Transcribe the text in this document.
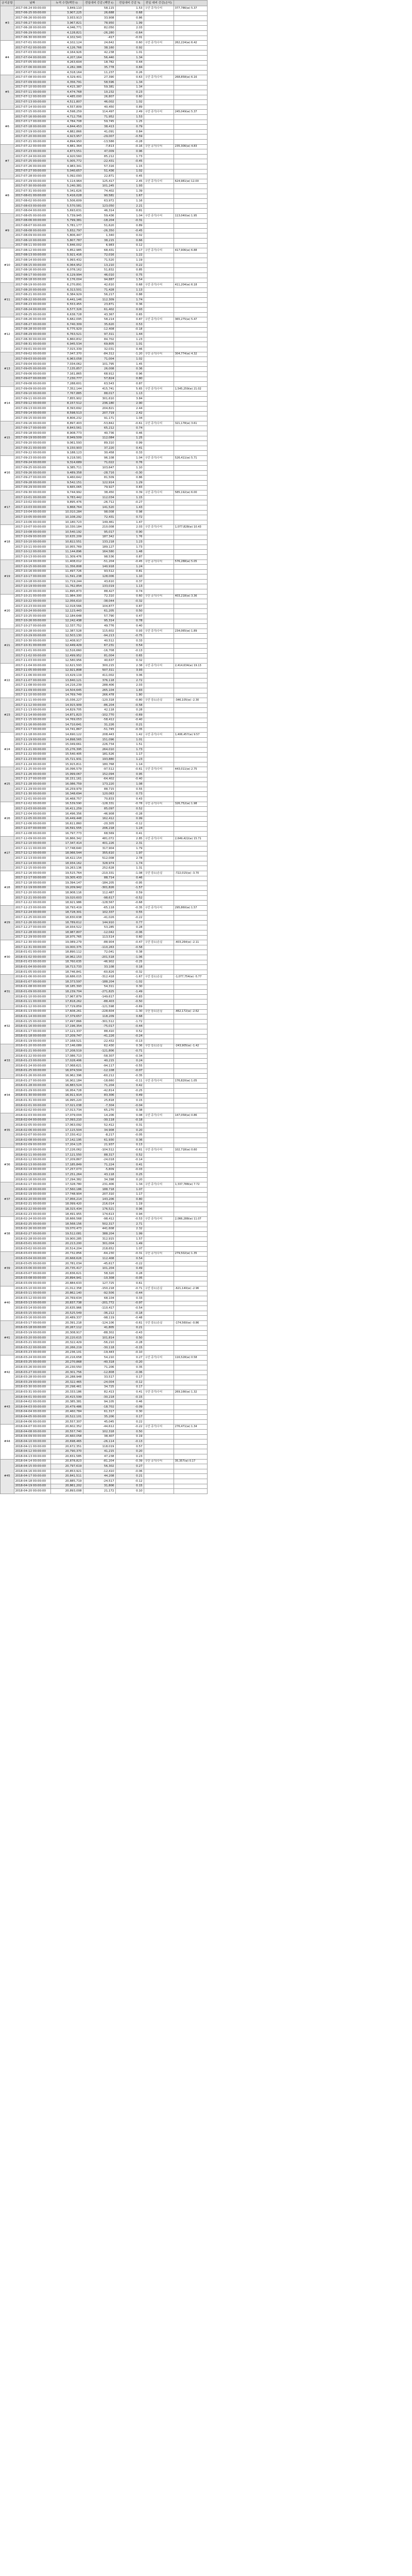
금지분할	날짜	누적 수량(백만 t)	전일대비 증감 (백만 t)	전일대비 증감 %	전일 대비 증감(손익)	
#3	2017-06-24 00:00:00	3,849,110	58,115	1.53	구간 증가/수익	377,786(w) 5.37
	2017-06-25 00:00:00	3,907,225	26,688	0.68		
	2017-06-26 00:00:00	3,933,913	33,908	0.86		
	2017-06-27 00:00:00	3,967,821	78,950	1.99		
	2017-06-28 00:00:00	4,046,771	82,050	2.03		
	2017-06-29 00:00:00	4,128,821	-26,280	-0.64		
	2017-06-30 00:00:00	4,102,541	-417	-0.01		
#4	2017-07-01 00:00:00	4,102,124	24,642	0.60	구간 증가/수익	262,224(w) 6.42
	2017-07-02 00:00:00	4,126,766	38,160	0.92		
	2017-07-03 00:00:00	4,164,926	42,238	1.01		
	2017-07-04 00:00:00	4,207,164	56,440	1.34		
	2017-07-05 00:00:00	4,263,604	18,782	0.44		
	2017-07-06 00:00:00	4,282,386	35,778	0.84		
	2017-07-07 00:00:00	4,318,164	11,237	0.26		
#5	2017-07-08 00:00:00	4,329,401	27,390	0.63	구간 증가/수익	268,858(w) 6.16
	2017-07-09 00:00:00	4,356,791	58,596	1.34		
	2017-07-10 00:00:00	4,415,387	59,381	1.34		
	2017-07-11 00:00:00	4,474,768	10,232	0.23		
	2017-07-12 00:00:00	4,485,000	26,807	0.60		
	2017-07-13 00:00:00	4,511,807	46,002	1.02		
	2017-07-14 00:00:00	4,557,809	40,450	0.89		
#6	2017-07-15 00:00:00	4,598,259	114,497	2.49	구간 증가/수익	245,049(w) 5.37
	2017-07-16 00:00:00	4,712,756	71,952	1.53		
	2017-07-17 00:00:00	4,784,708	59,745	1.25		
	2017-07-18 00:00:00	4,844,453	38,413	0.79		
	2017-07-19 00:00:00	4,882,866	41,091	0.84		
	2017-07-20 00:00:00	4,923,957	-29,007	-0.59		
	2017-07-21 00:00:00	4,894,950	-13,586	-0.28		
#7	2017-07-22 00:00:00	4,881,364	-7,813	-0.16	구간 증가/수익	235,306(w) 4.83
	2017-07-23 00:00:00	4,873,551	47,009	0.96		
	2017-07-24 00:00:00	4,920,560	85,212	1.73		
	2017-07-25 00:00:00	5,005,772	-22,431	-0.45		
	2017-07-26 00:00:00	4,983,341	57,316	1.15		
	2017-07-27 00:00:00	5,040,657	51,436	1.02		
	2017-07-28 00:00:00	5,092,093	22,871	0.45		
#8	2017-07-29 00:00:00	5,114,964	125,417	2.45	구간 증가/수익	624,981(w) 12.00
	2017-07-30 00:00:00	5,240,381	101,245	1.93		
	2017-07-31 00:00:00	5,341,626	74,402	1.39		
	2017-08-01 00:00:00	5,416,028	90,581	1.67		
	2017-08-02 00:00:00	5,506,609	63,972	1.16		
	2017-08-03 00:00:00	5,570,581	123,050	2.21		
	2017-08-04 00:00:00	5,693,631	46,314	0.81		
#9	2017-08-05 00:00:00	5,739,945	59,436	1.04	구간 증가/수익	113,040(w) 1.95
	2017-08-06 00:00:00	5,799,381	-18,204	-0.31		
	2017-08-07 00:00:00	5,781,177	51,620	0.89		
	2017-08-08 00:00:00	5,832,797	-26,350	-0.45		
	2017-08-09 00:00:00	5,806,447	1,340	0.02		
	2017-08-10 00:00:00	5,807,787	38,215	0.66		
	2017-08-11 00:00:00	5,846,002	6,983	0.12		
#10	2017-08-12 00:00:00	5,852,985	68,431	1.17	구간 증가/수익	417,906(w) 6.88
	2017-08-13 00:00:00	5,921,416	72,016	1.22		
	2017-08-14 00:00:00	5,993,432	71,520	1.19		
	2017-08-15 00:00:00	6,064,952	13,210	0.22		
	2017-08-16 00:00:00	6,078,162	51,832	0.85		
	2017-08-17 00:00:00	6,129,994	46,010	0.75		
	2017-08-18 00:00:00	6,176,004	94,887	1.54		
#11	2017-08-19 00:00:00	6,270,891	42,610	0.68	구간 증가/수익	411,204(w) 6.18
	2017-08-20 00:00:00	6,313,501	71,428	1.13		
	2017-08-21 00:00:00	6,384,929	56,217	0.88		
	2017-08-22 00:00:00	6,441,146	112,309	1.74		
	2017-08-23 00:00:00	6,553,455	23,871	0.36		
	2017-08-24 00:00:00	6,577,326	61,402	0.93		
	2017-08-25 00:00:00	6,638,728	43,367	0.65		
#12	2017-08-26 00:00:00	6,682,095	58,214	0.87	구간 증가/수익	365,275(w) 5.47
	2017-08-27 00:00:00	6,740,309	35,620	0.53		
	2017-08-28 00:00:00	6,775,929	-12,408	-0.18		
	2017-08-29 00:00:00	6,763,521	97,311	1.44		
	2017-08-30 00:00:00	6,860,832	84,702	1.23		
	2017-08-31 00:00:00	6,945,534	69,805	1.01		
	2017-09-01 00:00:00	7,015,339	32,031	0.46		
#13	2017-09-02 00:00:00	7,047,370	-84,312	-1.20	구간 증가/수익	304,774(w) 4.32
	2017-09-03 00:00:00	6,963,058	71,004	1.02		
	2017-09-04 00:00:00	7,034,062	101,795	1.45		
	2017-09-05 00:00:00	7,135,857	26,008	0.36		
	2017-09-06 00:00:00	7,161,865	68,912	0.96		
	2017-09-07 00:00:00	7,230,777	57,824	0.80		
	2017-09-08 00:00:00	7,288,601	63,543	0.87		
#14	2017-09-09 00:00:00	7,352,144	415,741	5.65	구간 증가/수익	1,545,259(w) 21.02
	2017-09-10 00:00:00	7,767,885	88,017	1.13		
	2017-09-11 00:00:00	7,855,902	301,610	3.84		
	2017-09-12 00:00:00	8,157,512	236,180	2.90		
	2017-09-13 00:00:00	8,393,692	204,821	2.44		
	2017-09-14 00:00:00	8,598,513	207,719	2.42		
	2017-09-15 00:00:00	8,806,232	91,171	1.04		
#15	2017-09-16 00:00:00	8,897,403	-53,842	-0.61	구간 증가/수익	321,178(w) 3.61
	2017-09-17 00:00:00	8,843,561	65,212	0.74		
	2017-09-18 00:00:00	8,908,773	40,736	0.46		
	2017-09-19 00:00:00	8,949,509	112,084	1.25		
	2017-09-20 00:00:00	9,061,593	89,310	0.99		
	2017-09-21 00:00:00	9,150,903	37,220	0.41		
	2017-09-22 00:00:00	9,188,123	30,458	0.33		
#16	2017-09-23 00:00:00	9,218,581	96,108	1.04	구간 증가/수익	526,411(w) 5.71
	2017-09-24 00:00:00	9,314,689	71,022	0.76		
	2017-09-25 00:00:00	9,385,711	103,647	1.10		
	2017-09-26 00:00:00	9,489,358	-28,716	-0.30		
	2017-09-27 00:00:00	9,460,642	81,509	0.86		
	2017-09-28 00:00:00	9,542,151	122,914	1.29		
	2017-09-29 00:00:00	9,665,065	79,927	0.83		
#17	2017-09-30 00:00:00	9,744,992	38,450	0.39	구간 증가/수익	585,192(w) 6.00
	2017-10-01 00:00:00	9,783,442	112,034	1.15		
	2017-10-02 00:00:00	9,895,476	-26,712	-0.27		
	2017-10-03 00:00:00	9,868,764	141,520	1.43		
	2017-10-04 00:00:00	10,010,284	98,008	0.98		
	2017-10-05 00:00:00	10,108,292	72,431	0.72		
	2017-10-06 00:00:00	10,180,723	149,461	1.47		
#18	2017-10-07 00:00:00	10,330,184	210,008	2.03	구간 증가/수익	1,077,828(w) 10.43
	2017-10-08 00:00:00	10,540,192	95,017	0.90		
	2017-10-09 00:00:00	10,635,209	187,342	1.76		
	2017-10-10 00:00:00	10,822,551	133,218	1.23		
	2017-10-11 00:00:00	10,955,769	189,127	1.73		
	2017-10-12 00:00:00	11,144,896	164,580	1.48		
	2017-10-13 00:00:00	11,309,476	98,536	0.87		
#19	2017-10-14 00:00:00	11,408,012	-51,204	-0.45	구간 증가/수익	576,288(w) 5.05
	2017-10-15 00:00:00	11,356,808	140,918	1.24		
	2017-10-16 00:00:00	11,497,726	93,512	0.81		
	2017-10-17 00:00:00	11,591,238	128,006	1.10		
	2017-10-18 00:00:00	11,719,244	43,610	0.37		
	2017-10-19 00:00:00	11,762,854	133,019	1.13		
	2017-10-20 00:00:00	11,895,873	88,427	0.74		
#20	2017-10-21 00:00:00	11,984,300	72,310	0.60	구간 증가/수익	403,218(w) 3.36
	2017-10-22 00:00:00	12,056,610	-38,044	-0.32		
	2017-10-23 00:00:00	12,018,566	104,877	0.87		
	2017-10-24 00:00:00	12,123,443	61,205	0.50		
	2017-10-25 00:00:00	12,184,648	57,790	0.47		
	2017-10-26 00:00:00	12,242,438	95,314	0.78		
	2017-10-27 00:00:00	12,337,752	49,776	0.40		
#21	2017-10-28 00:00:00	12,387,528	115,602	0.93	구간 증가/수익	234,065(w) 1.89
	2017-10-29 00:00:00	12,503,130	-94,213	-0.75		
	2017-10-30 00:00:00	12,408,917	40,512	0.33		
	2017-10-31 00:00:00	12,449,429	67,231	0.54		
	2017-11-01 00:00:00	12,516,660	-16,708	-0.13		
	2017-11-02 00:00:00	12,499,952	81,004	0.65		
	2017-11-03 00:00:00	12,580,956	40,637	0.32		
#22	2017-11-04 00:00:00	12,621,593	300,215	2.38	구간 증가/수익	2,414,634(w) 19.13
	2017-11-05 00:00:00	12,921,808	507,311	3.93		
	2017-11-06 00:00:00	13,429,119	411,002	3.06		
	2017-11-07 00:00:00	13,840,121	376,118	2.72		
	2017-11-08 00:00:00	14,216,239	288,406	2.03		
	2017-11-09 00:00:00	14,504,645	265,104	1.83		
	2017-11-10 00:00:00	14,769,749	266,478	1.80		
#23	2017-11-11 00:00:00	15,036,227	-120,318	-0.80	구간 감소/손실	-346,105(w) -2.30
	2017-11-12 00:00:00	14,915,909	-86,204	-0.58		
	2017-11-13 00:00:00	14,829,705	42,118	0.28		
	2017-11-14 00:00:00	14,871,823	-102,770	-0.69		
	2017-11-15 00:00:00	14,769,053	-58,412	-0.40		
	2017-11-16 00:00:00	14,710,641	31,226	0.21		
	2017-11-17 00:00:00	14,741,867	-51,745	-0.35		
#24	2017-11-18 00:00:00	14,690,122	208,443	1.42	구간 증가/수익	1,406,457(w) 9.57
	2017-11-19 00:00:00	14,898,565	151,096	1.01		
	2017-11-20 00:00:00	15,049,661	226,734	1.51		
	2017-11-21 00:00:00	15,276,395	264,010	1.73		
	2017-11-22 00:00:00	15,540,405	181,526	1.17		
	2017-11-23 00:00:00	15,721,931	193,880	1.23		
	2017-11-24 00:00:00	15,915,811	180,768	1.14		
#25	2017-11-25 00:00:00	16,096,579	-97,512	-0.61	구간 증가/수익	443,011(w) 2.75
	2017-11-26 00:00:00	15,999,067	152,094	0.95		
	2017-11-27 00:00:00	16,151,161	-64,402	-0.40		
	2017-11-28 00:00:00	16,086,759	173,220	1.08		
	2017-11-29 00:00:00	16,259,979	88,715	0.55		
	2017-11-30 00:00:00	16,348,694	120,063	0.73		
	2017-12-01 00:00:00	16,468,757	70,833	0.43		
#26	2017-12-02 00:00:00	16,539,590	-128,331	-0.78	구간 증가/수익	326,752(w) 1.98
	2017-12-03 00:00:00	16,411,259	85,097	0.52		
	2017-12-04 00:00:00	16,496,356	-46,908	-0.28		
	2017-12-05 00:00:00	16,449,448	162,412	0.99		
	2017-12-06 00:00:00	16,611,860	-20,305	-0.12		
	2017-12-07 00:00:00	16,591,555	206,218	1.24		
	2017-12-08 00:00:00	16,797,773	68,569	0.41		
#27	2017-12-09 00:00:00	16,866,342	481,072	2.85	구간 증가/수익	2,649,422(w) 15.71
	2017-12-10 00:00:00	17,347,414	401,226	2.31		
	2017-12-11 00:00:00	17,748,640	317,904	1.79		
	2017-12-12 00:00:00	18,066,544	355,610	1.97		
	2017-12-13 00:00:00	18,422,154	512,008	2.78		
	2017-12-14 00:00:00	18,934,162	328,974	1.74		
	2017-12-15 00:00:00	19,263,136	252,628	1.31		
#28	2017-12-16 00:00:00	19,515,764	-210,331	-1.08	구간 감소/손실	-722,015(w) -3.70
	2017-12-17 00:00:00	19,305,433	88,714	0.46		
	2017-12-18 00:00:00	19,394,147	-184,205	-0.95		
	2017-12-19 00:00:00	19,209,942	-301,826	-1.57		
	2017-12-20 00:00:00	18,908,116	112,487	0.59		
	2017-12-21 00:00:00	19,020,603	-98,617	-0.52		
	2017-12-22 00:00:00	18,921,986	-128,567	-0.68		
#29	2017-12-23 00:00:00	18,793,419	-65,118	-0.35	구간 증가/수익	295,860(w) 1.57
	2017-12-24 00:00:00	18,728,301	102,337	0.55		
	2017-12-25 00:00:00	18,830,638	-41,026	-0.22		
	2017-12-26 00:00:00	18,789,612	144,910	0.77		
	2017-12-27 00:00:00	18,934,522	53,285	0.28		
	2017-12-28 00:00:00	18,987,807	-12,042	-0.06		
	2017-12-29 00:00:00	18,975,765	113,514	0.60		
#30	2017-12-30 00:00:00	19,089,279	-88,904	-0.47	구간 감소/손실	-403,264(w) -2.11
	2017-12-31 00:00:00	19,000,375	-110,263	-0.58		
	2018-01-01 00:00:00	18,890,112	72,041	0.38		
	2018-01-02 00:00:00	18,962,153	-201,518	-1.06		
	2018-01-03 00:00:00	18,760,635	-46,902	-0.25		
	2018-01-04 00:00:00	18,713,733	33,108	0.18		
	2018-01-05 00:00:00	18,746,841	-60,826	-0.32		
#31	2018-01-06 00:00:00	18,686,015	-312,418	-1.67	구간 감소/손실	-1,077,754(w) -5.77
	2018-01-07 00:00:00	18,373,597	-188,204	-1.02		
	2018-01-08 00:00:00	18,185,393	54,311	0.30		
	2018-01-09 00:00:00	18,239,704	-271,825	-1.49		
	2018-01-10 00:00:00	17,967,879	-149,617	-0.83		
	2018-01-11 00:00:00	17,818,262	-88,403	-0.50		
	2018-01-12 00:00:00	17,729,859	-121,598	-0.69		
#32	2018-01-13 00:00:00	17,608,261	-228,604	-1.30	구간 감소/손실	-462,172(w) -2.62
	2018-01-14 00:00:00	17,379,657	118,209	0.68		
	2018-01-15 00:00:00	17,497,866	-301,512	-1.72		
	2018-01-16 00:00:00	17,196,354	-75,017	-0.44		
	2018-01-17 00:00:00	17,121,337	88,410	0.52		
	2018-01-18 00:00:00	17,209,747	-41,226	-0.24		
	2018-01-19 00:00:00	17,168,521	-22,432	-0.13		
#33	2018-01-20 00:00:00	17,146,089	62,430	0.36	구간 감소/손실	-243,905(w) -1.42
	2018-01-21 00:00:00	17,208,519	-121,806	-0.71		
	2018-01-22 00:00:00	17,086,713	-58,307	-0.34		
	2018-01-23 00:00:00	17,028,406	40,215	0.24		
	2018-01-24 00:00:00	17,068,621	-94,117	-0.55		
	2018-01-25 00:00:00	16,974,504	-12,108	-0.07		
	2018-01-26 00:00:00	16,962,396	-60,212	-0.35		
#34	2018-01-27 00:00:00	16,902,184	-18,660	-0.11	구간 증가/수익	176,820(w) 1.05
	2018-01-28 00:00:00	16,883,524	71,204	0.42		
	2018-01-29 00:00:00	16,954,728	-42,814	-0.25		
	2018-01-30 00:00:00	16,911,914	83,306	0.49		
	2018-01-31 00:00:00	16,995,220	25,818	0.15		
	2018-02-01 00:00:00	17,021,038	-7,304	-0.04		
	2018-02-02 00:00:00	17,013,734	65,270	0.38		
#35	2018-02-03 00:00:00	17,079,004	14,206	0.08	구간 증가/수익	147,058(w) 0.86
	2018-02-04 00:00:00	17,093,210	-30,118	-0.18		
	2018-02-05 00:00:00	17,063,092	52,412	0.31		
	2018-02-06 00:00:00	17,115,504	34,908	0.20		
	2018-02-07 00:00:00	17,150,412	-8,217	-0.05		
	2018-02-08 00:00:00	17,142,195	61,930	0.36		
	2018-02-09 00:00:00	17,204,125	21,937	0.13		
#36	2018-02-10 00:00:00	17,226,062	-104,512	-0.61	구간 증가/수익	102,718(w) 0.60
	2018-02-11 00:00:00	17,121,550	88,317	0.52		
	2018-02-12 00:00:00	17,209,867	-24,018	-0.14		
	2018-02-13 00:00:00	17,185,849	71,224	0.41		
	2018-02-14 00:00:00	17,257,073	-5,809	-0.03		
	2018-02-15 00:00:00	17,251,264	43,118	0.25		
	2018-02-16 00:00:00	17,294,382	34,398	0.20		
#37	2018-02-17 00:00:00	17,328,780	231,406	1.34	구간 증가/수익	1,337,788(w) 7.72
	2018-02-18 00:00:00	17,560,186	188,718	1.07		
	2018-02-19 00:00:00	17,748,904	207,310	1.17		
	2018-02-20 00:00:00	17,956,214	143,206	0.80		
	2018-02-21 00:00:00	18,099,420	216,014	1.19		
	2018-02-22 00:00:00	18,315,434	176,521	0.96		
	2018-02-23 00:00:00	18,491,955	174,613	0.94		
#38	2018-02-24 00:00:00	18,666,568	-98,412	-0.53	구간 증가/수익	2,066,288(w) 11.07
	2018-02-25 00:00:00	18,568,156	502,317	2.71		
	2018-02-26 00:00:00	19,070,473	441,608	2.32		
	2018-02-27 00:00:00	19,512,081	388,204	1.99		
	2018-02-28 00:00:00	19,900,285	312,915	1.57		
	2018-03-01 00:00:00	20,213,200	301,004	1.49		
	2018-03-02 00:00:00	20,514,204	218,652	1.07		
#39	2018-03-03 00:00:00	20,732,856	-64,230	-0.31	구간 증가/수익	279,502(w) 1.35
	2018-03-04 00:00:00	20,668,626	112,408	0.54		
	2018-03-05 00:00:00	20,781,034	-45,617	-0.22		
	2018-03-06 00:00:00	20,735,417	101,204	0.49		
	2018-03-07 00:00:00	20,836,621	58,320	0.28		
	2018-03-08 00:00:00	20,894,941	-10,308	-0.05		
	2018-03-09 00:00:00	20,884,633	127,725	0.61		
#40	2018-03-10 00:00:00	21,012,358	-150,218	-0.71	구간 감소/손실	-621,140(w) -2.96
	2018-03-11 00:00:00	20,862,140	-92,506	-0.44		
	2018-03-12 00:00:00	20,769,634	68,104	0.33		
	2018-03-13 00:00:00	20,837,738	-201,772	-0.97		
	2018-03-14 00:00:00	20,635,966	-110,417	-0.54		
	2018-03-15 00:00:00	20,525,549	-36,212	-0.18		
	2018-03-16 00:00:00	20,489,337	-98,119	-0.48		
#41	2018-03-17 00:00:00	20,391,218	-124,106	-0.61	구간 감소/손실	-174,560(w) -0.86
	2018-03-18 00:00:00	20,267,112	41,805	0.21		
	2018-03-19 00:00:00	20,308,917	-88,302	-0.43		
	2018-03-20 00:00:00	20,220,615	101,814	0.50		
	2018-03-21 00:00:00	20,322,429	-56,210	-0.28		
	2018-03-22 00:00:00	20,266,219	-30,118	-0.15		
	2018-03-23 00:00:00	20,236,101	-19,443	-0.10		
#42	2018-03-24 00:00:00	20,216,658	54,210	0.27	구간 증가/수익	116,528(w) 0.58
	2018-03-25 00:00:00	20,270,868	-40,318	-0.20		
	2018-03-26 00:00:00	20,230,550	71,206	0.35		
	2018-03-27 00:00:00	20,301,756	-12,808	-0.06		
	2018-03-28 00:00:00	20,288,948	33,517	0.17		
	2018-03-29 00:00:00	20,322,465	-24,004	-0.12		
	2018-03-30 00:00:00	20,298,461	34,725	0.17		
#43	2018-03-31 00:00:00	20,333,186	82,413	0.41	구간 증가/수익	269,166(w) 1.32
	2018-04-01 00:00:00	20,415,599	-30,218	-0.15		
	2018-04-02 00:00:00	20,385,381	94,105	0.46		
	2018-04-03 00:00:00	20,479,486	-18,702	-0.09		
	2018-04-04 00:00:00	20,460,784	61,317	0.30		
	2018-04-05 00:00:00	20,522,101	35,206	0.17		
	2018-04-06 00:00:00	20,557,307	45,045	0.22		
#44	2018-04-07 00:00:00	20,602,352	-44,612	-0.22	구간 증가/수익	276,471(w) 1.34
	2018-04-08 00:00:00	20,557,740	102,318	0.50		
	2018-04-09 00:00:00	20,660,058	38,407	0.19		
	2018-04-10 00:00:00	20,698,465	-26,114	-0.13		
	2018-04-11 00:00:00	20,672,351	118,019	0.57		
	2018-04-12 00:00:00	20,790,370	41,215	0.20		
	2018-04-13 00:00:00	20,831,585	47,238	0.23		
#45	2018-04-14 00:00:00	20,878,823	-81,204	-0.39	구간 증가/수익	35,357(w) 0.17
	2018-04-15 00:00:00	20,797,619	56,302	0.27		
	2018-04-16 00:00:00	20,853,921	-12,410	-0.06		
	2018-04-17 00:00:00	20,841,511	44,208	0.21		
	2018-04-18 00:00:00	20,885,719	-24,517	-0.12		
	2018-04-19 00:00:00	20,861,202	31,806	0.15		
	2018-04-20 00:00:00	20,893,008	21,172	0.10		
